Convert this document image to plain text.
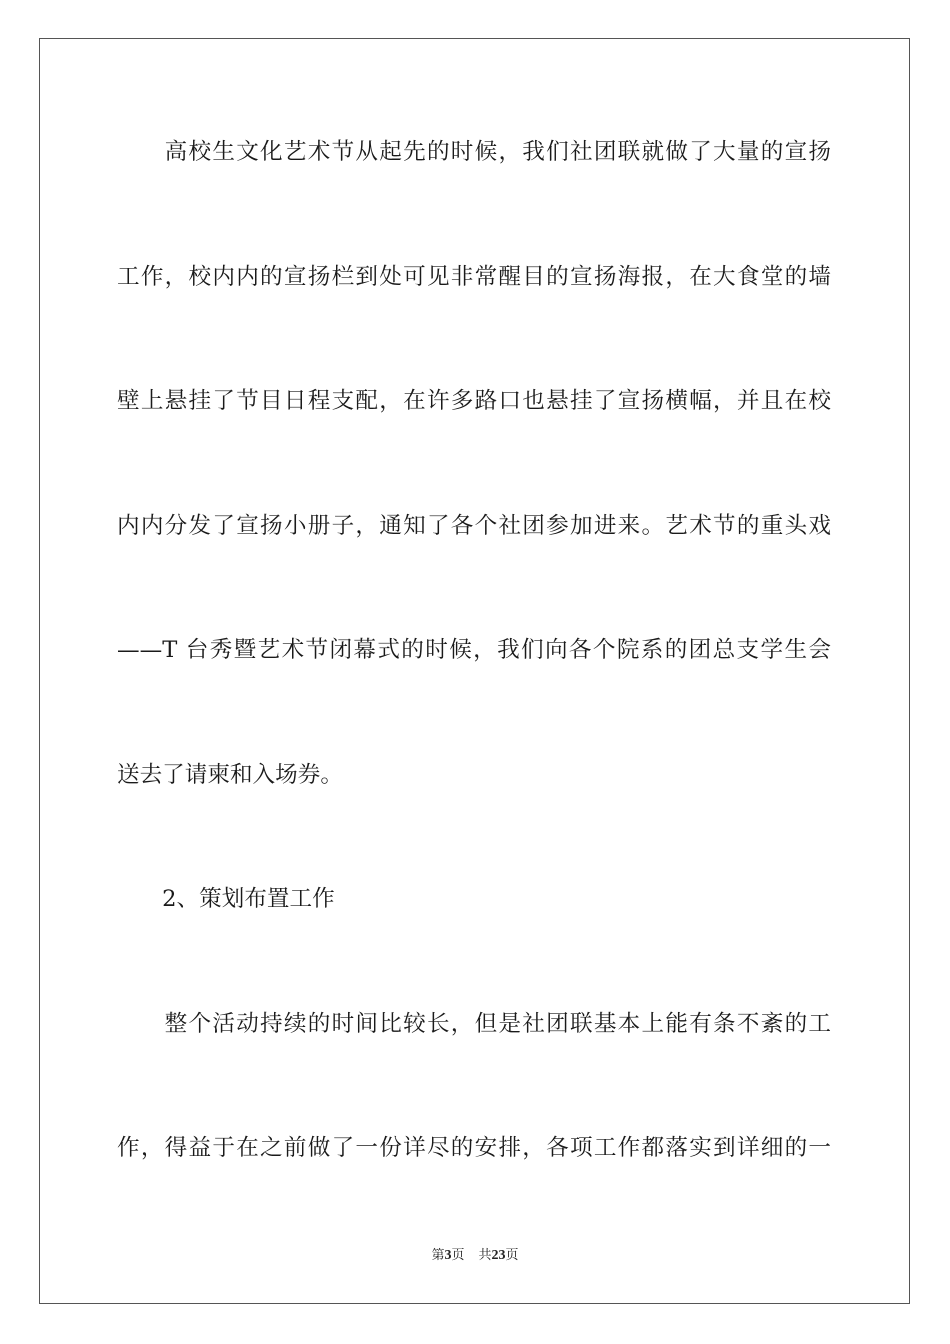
　　高校生文化艺术节从起先的时候，我们社团联就做了大量的宣扬
工作，校内内的宣扬栏到处可见非常醒目的宣扬海报，在大食堂的墙
壁上悬挂了节目日程支配，在许多路口也悬挂了宣扬横幅，并且在校
内内分发了宣扬小册子，通知了各个社团参加进来。艺术节的重头戏
——T 台秀暨艺术节闭幕式的时候，我们向各个院系的团总支学生会
送去了请柬和入场券。
　　2、策划布置工作
　　整个活动持续的时间比较长，但是社团联基本上能有条不紊的工
作，得益于在之前做了一份详尽的安排，各项工作都落实到详细的一
第3页 共23页
